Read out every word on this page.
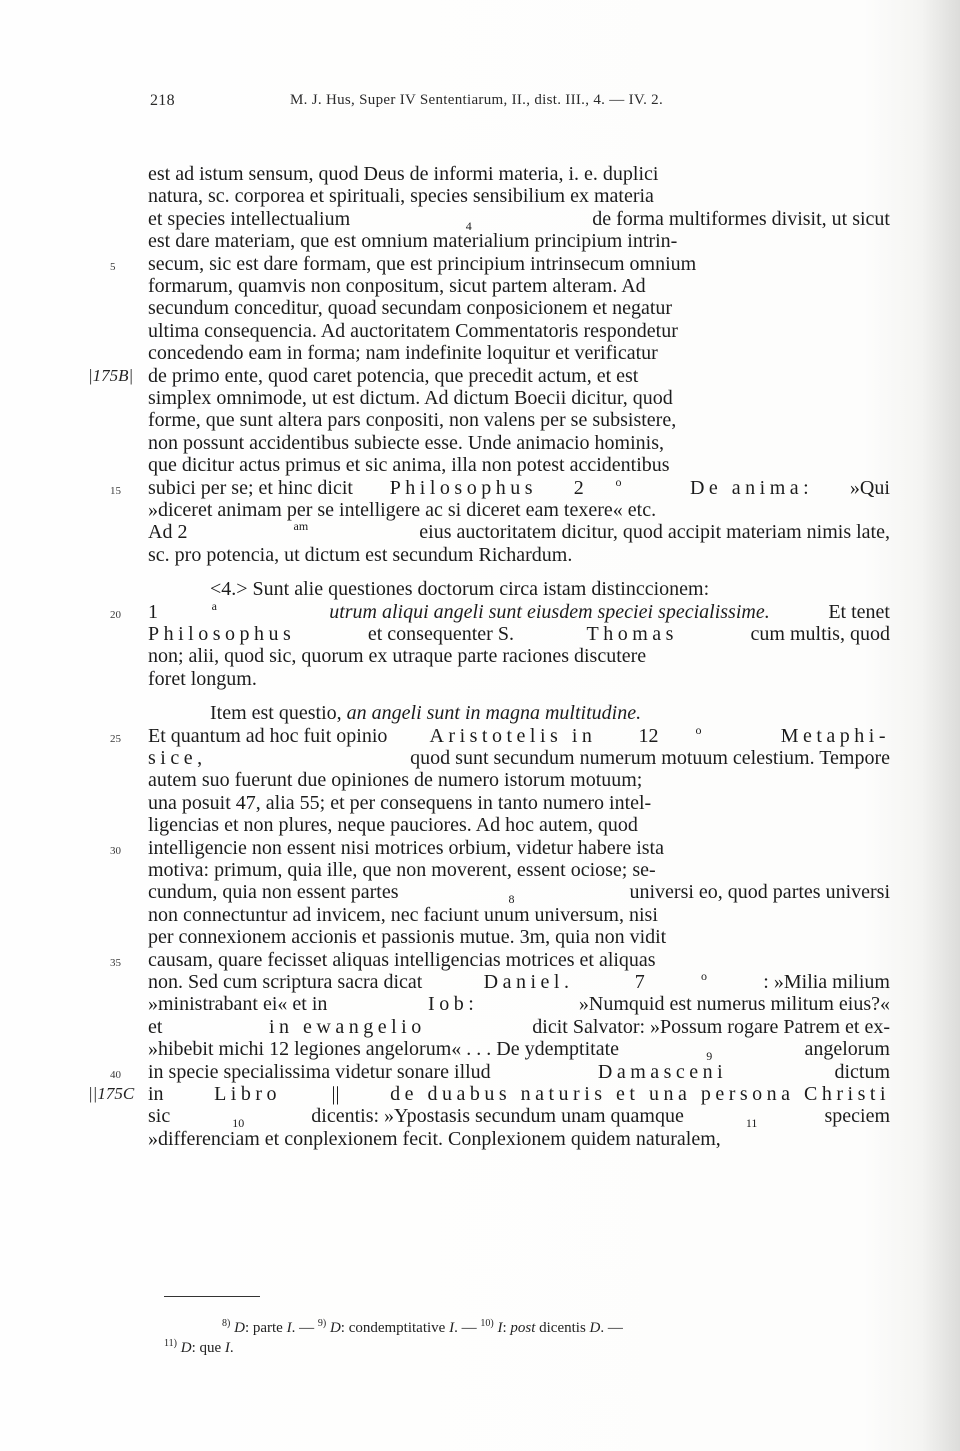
218	M. J. Hus, Super IV Sententiarum, II., dist. III., 4. — IV. 2.
est ad istum sensum, quod Deus de informi materia, i. e. duplici
natura, sc. corporea et spirituali, species sensibilium ex materia
et species intellectualium	4	de forma multiformes divisit, ut sicut
est dare materiam, que est omnium materialium principium intrin-
secum, sic est dare formam, que est principium intrinsecum omnium
5
formarum, quamvis non conpositum, sicut partem alteram. Ad
secundum conceditur, quoad secundam conposicionem et negatur
ultima consequencia. Ad auctoritatem Commentatoris respondetur
concedendo eam in forma; nam indefinite loquitur et verificatur
de primo ente, quod caret potencia, que precedit actum, et est
|175B|
simplex omnimode, ut est dictum. Ad dictum Boecii dicitur, quod
forme, que sunt altera pars conpositi, non valens per se subsistere,
non possunt accidentibus subiecte esse. Unde animacio hominis,
que dicitur actus primus et sic anima, illa non potest accidentibus
subici per se; et hinc dicit Philosophus 2	o
	De anima: »Qui
15
»diceret animam per se intelligere ac si diceret eam texere« etc.
Ad 2	am	eius auctoritatem dicitur, quod accipit materiam nimis late,
sc. pro potencia, ut dictum est secundum Richardum.
<4.> Sunt alie questiones doctorum circa istam distinccionem:
1	a
	utrum aliqui angeli sunt eiusdem speciei specialissime.	Et tenet
20
Philosophus	et consequenter S.	Thomas	cum multis, quod
non; alii, quod sic, quorum ex utraque parte raciones discutere
foret longum.
Item est questio, an angeli sunt in magna multitudine.
Et quantum ad hoc fuit opinio Aristotelis in 12	o
	Metaphi-
25
sice,	quod sunt secundum numerum motuum celestium. Tempore
autem suo fuerunt due opiniones de numero istorum motuum;
una posuit 47, alia 55; et per consequens in tanto numero intel-
ligencias et non plures, neque pauciores. Ad hoc autem, quod
intelligencie non essent nisi motrices orbium, videtur habere ista
30
motiva: primum, quia ille, que non moverent, essent ociose; se-
cundum, quia non essent partes	8	universi eo, quod partes universi
non connectuntur ad invicem, nec faciunt unum universum, nisi
per connexionem accionis et passionis mutue. 3m, quia non vidit
causam, quare fecisset aliquas intelligencias motrices et aliquas
35
non. Sed cum scriptura sacra dicat	Daniel.	7	o	: »Milia milium
»ministrabant ei« et in	Iob:	»Numquid est numerus militum eius?«
et	in ewangelio	dicit Salvator: »Possum rogare Patrem et ex-
»hibebit michi 12 legiones angelorum« . . . De ydemptitate	9	angelorum
in specie specialissima videtur sonare illud	Damasceni	dictum
40
in Libro || de duabus naturis et una persona Christi
||175C
sic	10	dicentis: »Ypostasis secundum unam quamque	11	speciem
»differenciam et conplexionem fecit. Conplexionem quidem naturalem,
$^{8)}$ D: parte I. — $^{9)}$ D: condemptitative I. — $^{10)}$ I: post dicentis D. —
$^{11)}$ D: que I.
